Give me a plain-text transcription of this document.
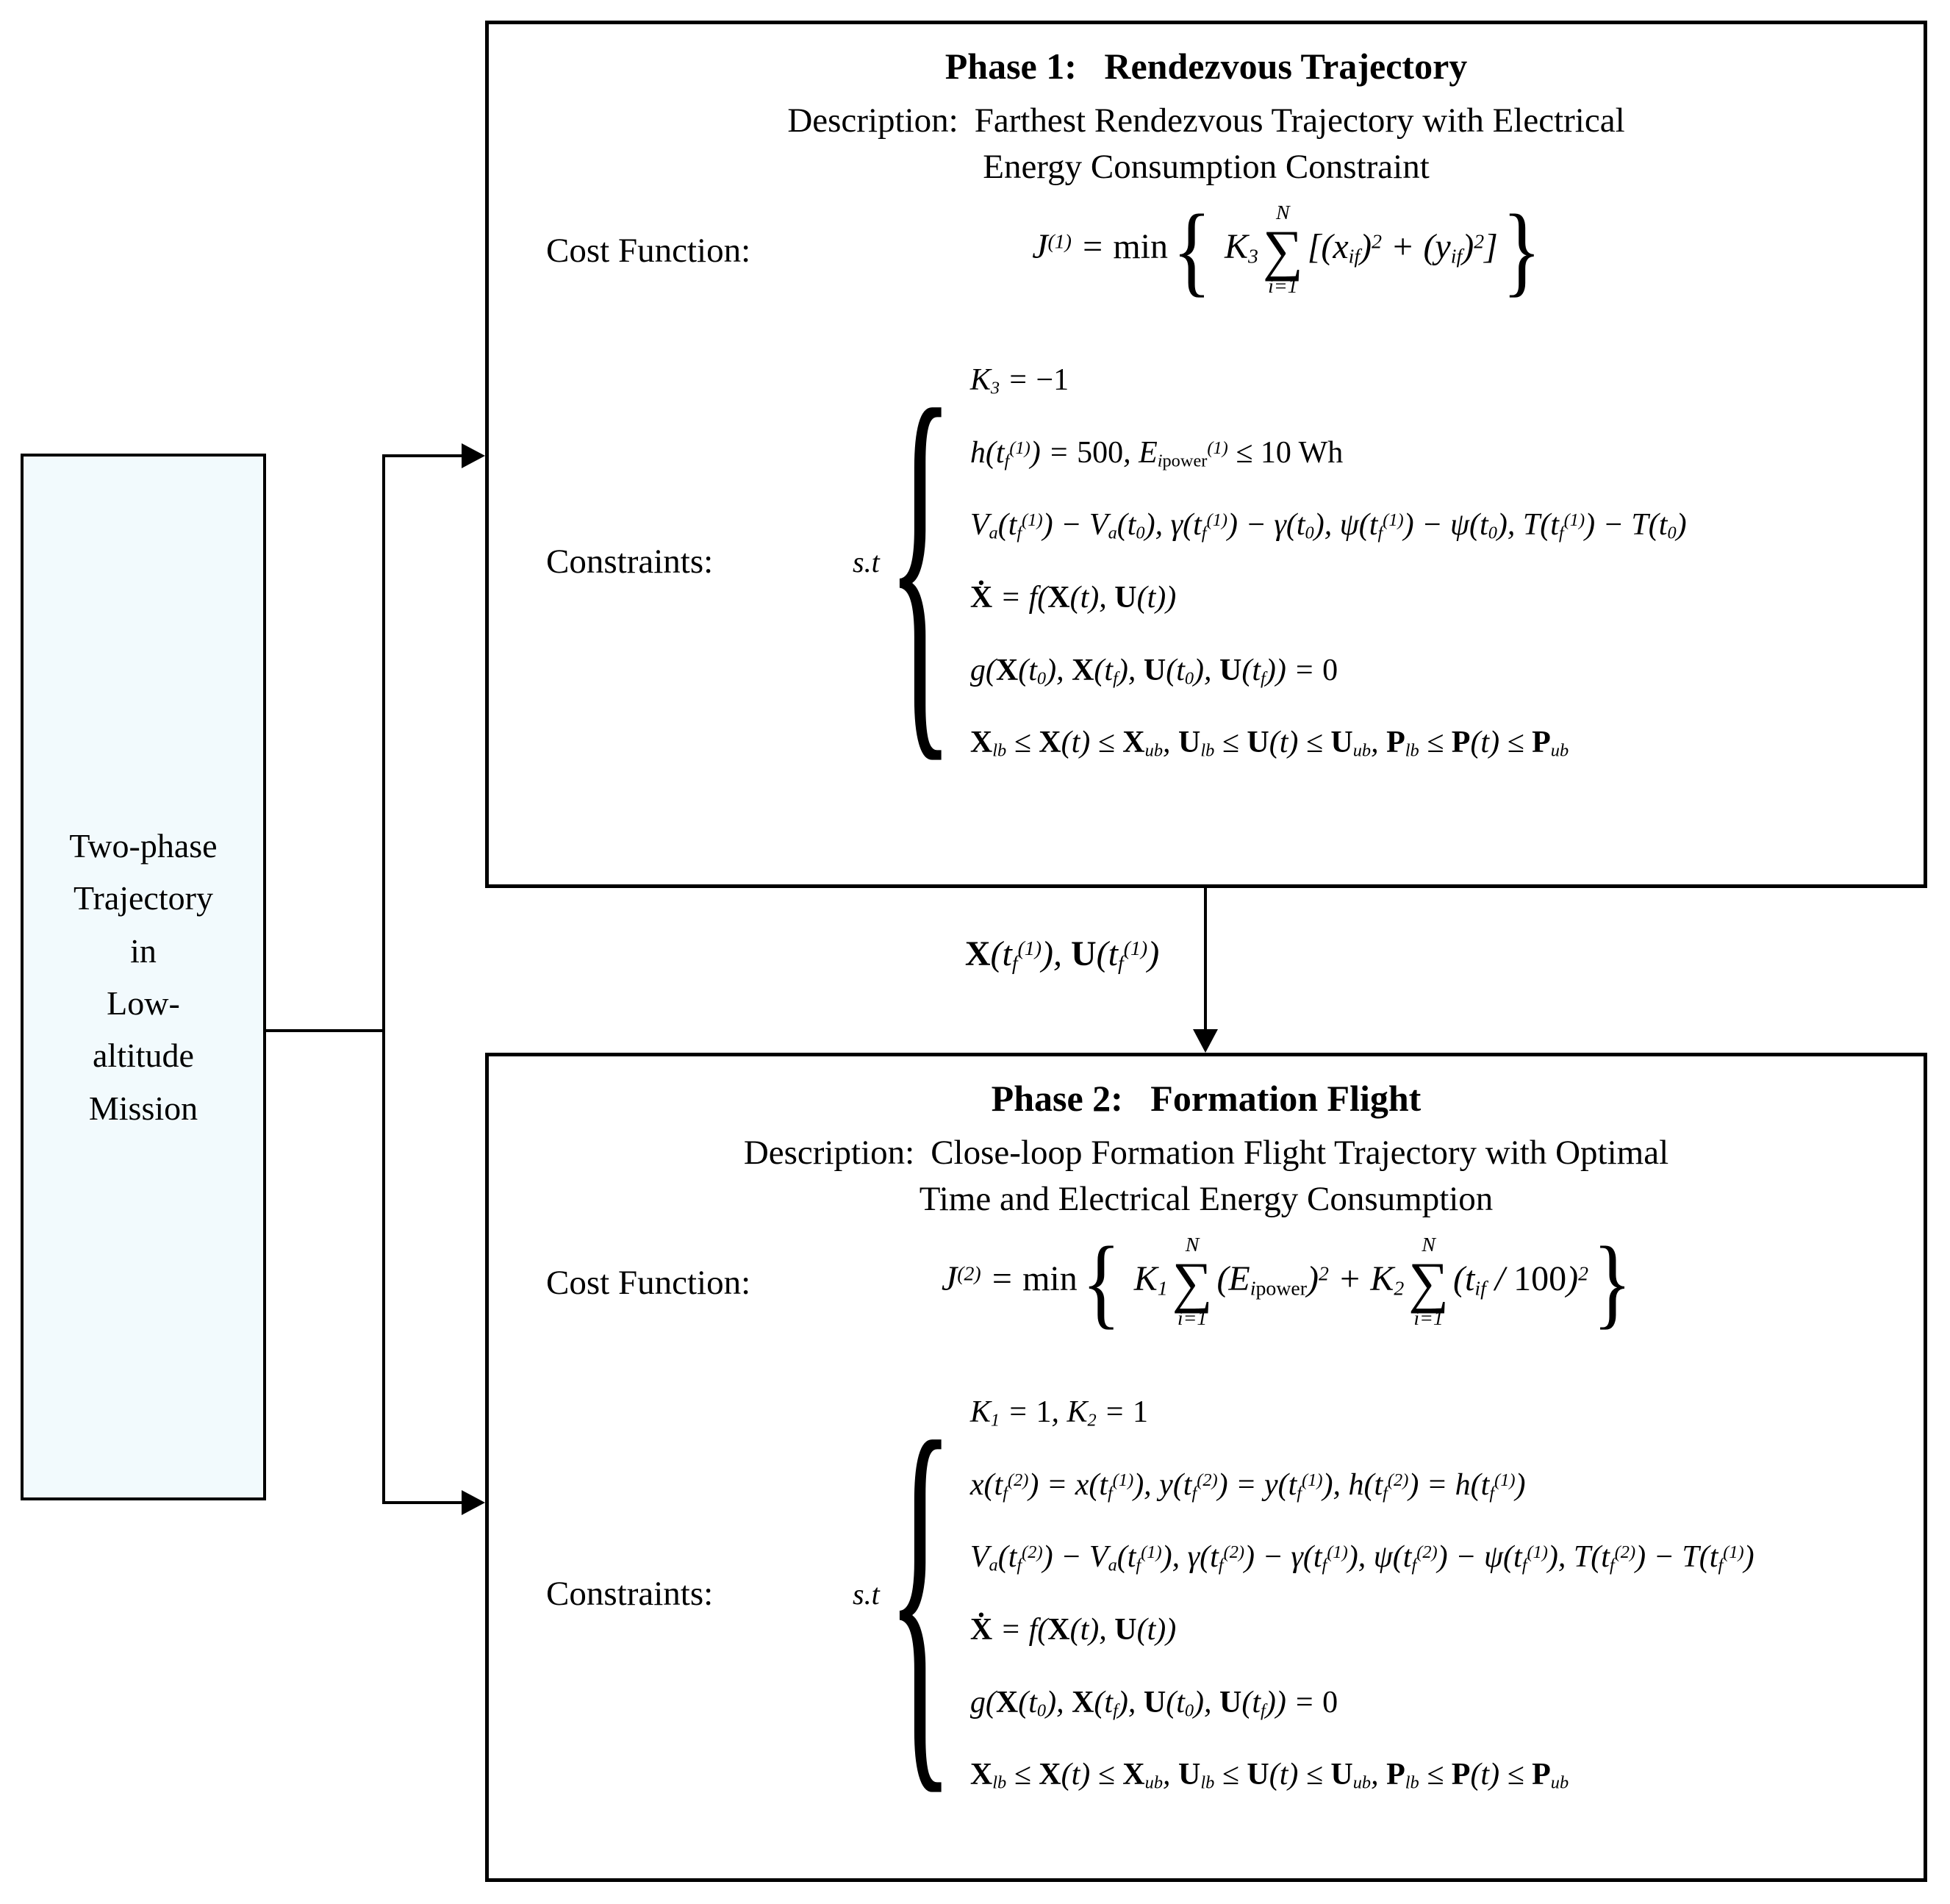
Two-phase
Trajectory
in
Low-
altitude
Mission
$X(t_f^{(1)})$, $U(t_f^{(1)})$
Phase 1:   Rendezvous Trajectory
Description: Farthest Rendezvous Trajectory with Electrical
Energy Consumption Constraint
Cost Function:	$J^{(1)} = \min${ $K_3$
N
∑
i=1
$[(x_{if})^2 + (y_{if})^2]$}
Constraints:	s.t { $K_3 = -1$
$h(t_f^{(1)}) = 500$, $E_{ipower}^{(1)} \le 10$ Wh
$V_a(t_f^{(1)}) - V_a(t_0)$, $\gamma(t_f^{(1)}) - \gamma(t_0)$, $\psi(t_f^{(1)}) - \psi(t_0)$, $T(t_f^{(1)}) - T(t_0)$
Ẋ = f(X(t), U(t))
$g(X(t_0)$, $X(t_f)$, $U(t_0)$, $U(t_f)) = 0$
$X_{lb} \le X(t) \le X_{ub}$, $U_{lb} \le U(t) \le U_{ub}$, $P_{lb} \le P(t) \le P_{ub}$
Phase 2:   Formation Flight
Description: Close-loop Formation Flight Trajectory with Optimal
Time and Electrical Energy Consumption
Cost Function:	$J^{(2)} = \min${ $K_1$
N
∑
i=1
$(E_{ipower})^2 + K_2$
N
∑
i=1
$(t_{if} / 100)^2$}
Constraints:	s.t { $K_1 = 1$, $K_2 = 1$
$x(t_f^{(2)}) = x(t_f^{(1)})$, $y(t_f^{(2)}) = y(t_f^{(1)})$, $h(t_f^{(2)}) = h(t_f^{(1)})$
$V_a(t_f^{(2)}) - V_a(t_f^{(1)})$, $\gamma(t_f^{(2)}) - \gamma(t_f^{(1)})$, $\psi(t_f^{(2)}) - \psi(t_f^{(1)})$, $T(t_f^{(2)}) - T(t_f^{(1)})$
Ẋ = f(X(t), U(t))
$g(X(t_0)$, $X(t_f)$, $U(t_0)$, $U(t_f)) = 0$
$X_{lb} \le X(t) \le X_{ub}$, $U_{lb} \le U(t) \le U_{ub}$, $P_{lb} \le P(t) \le P_{ub}$
